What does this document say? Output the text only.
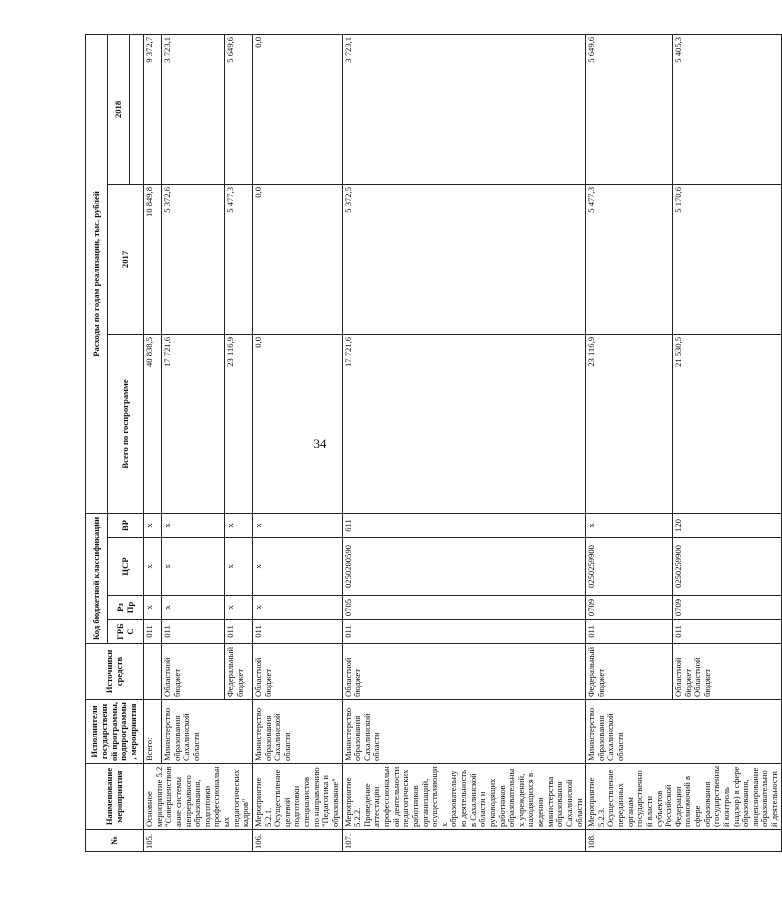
34
№	Наименование мероприятия	Исполнители государственной программы, подпрограммы, мероприятия	Источники средств	Код бюджетной классификации				Расходы по годам реализации, тыс. рублей		
				ГРБС	Рз Пр	ЦСР	ВР	Всего по госпрограмме	2017	2018

105.	Основное мероприятие 5.2 "Совершенствование системы непрерывного образования, подготовки профессиональных педагогических кадров"	Всего:		011	х	х	х	40 838,5	10 849,8	9 372,7
		Министерство образования Сахалинской области	Областной бюджет	011	х	х	х	17 721,6	5 372,6	3 723,1
			Федеральный бюджет	011	х	х	х	23 116,9	5 477,3	5 649,6
106.	Мероприятие 5.2.1. Осуществление целевой подготовки специалистов по направлению "Педагогика и образование"	Министерство образования Сахалинской области	Областной бюджет	011	х	х	х	0,0	0,0	0,0
107.	Мероприятие 5.2.2. Проведение аттестации профессиональной деятельности педагогических работников организаций, осуществляющих образовательную деятельность в Сахалинской области и руководящих работников образовательных учреждений, находящихся в ведении министерства образования Сахалинской области	Министерство образования Сахалинской области	Областной бюджет	011	0705	0250200590	611	17 721,6	5 372,5	3 723,1
108.	Мероприятие 5.2.3. Осуществление переданных органам государственной власти субъектов Российской Федерации полномочий в сфере образования (государственный контроль (надзор) в сфере образования, лицензирование образовательной деятельности	Министерство образования Сахалинской области	Федеральный бюджет	011	0709	0250259900	х	23 116,9	5 477,3	5 649,6
			Областной бюджет Областной бюджет	011	0709	0250259900	120	21 530,5	5 170,6	5 405,3
